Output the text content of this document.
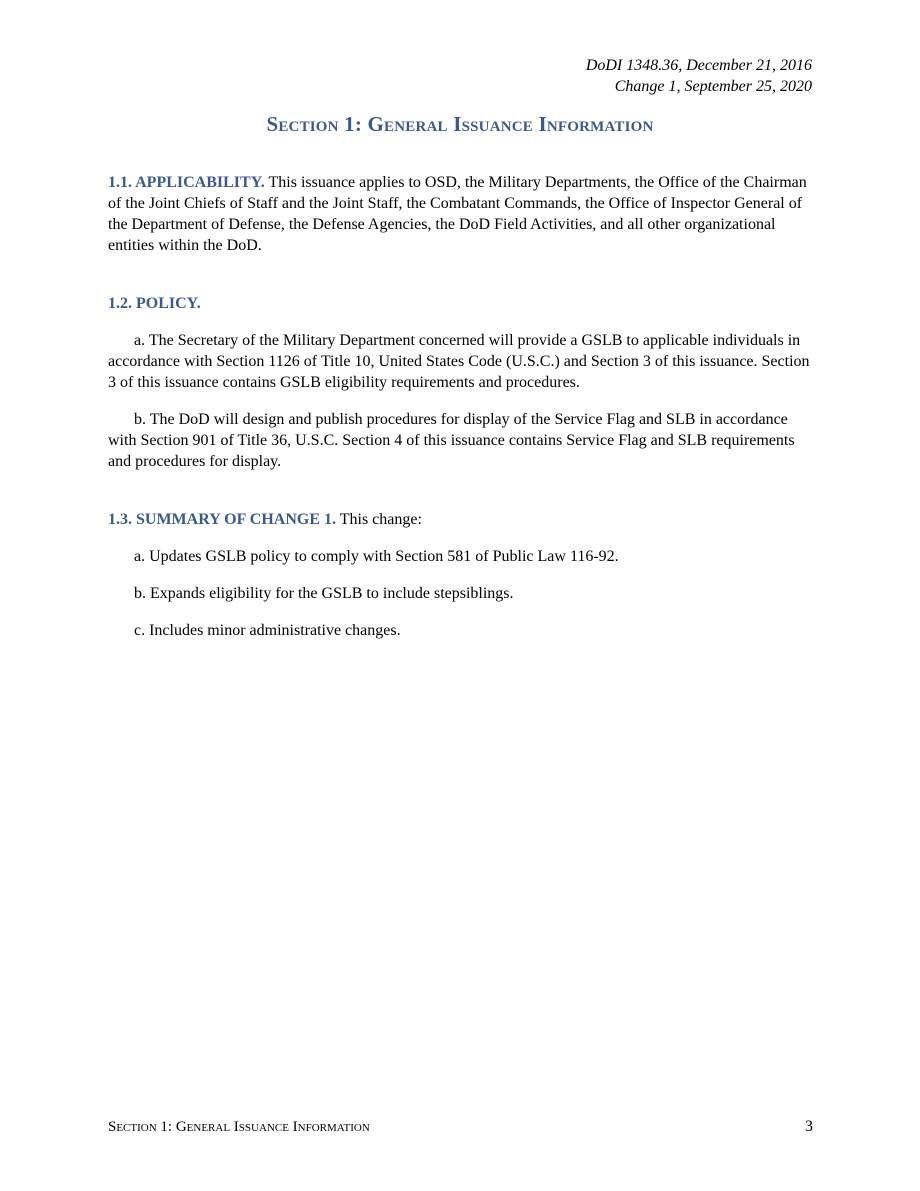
DoDI 1348.36, December 21, 2016
Change 1, September 25, 2020
Section 1: General Issuance Information

1.1. APPLICABILITY. This issuance applies to OSD, the Military Departments, the Office of the Chairman of the Joint Chiefs of Staff and the Joint Staff, the Combatant Commands, the Office of Inspector General of the Department of Defense, the Defense Agencies, the DoD Field Activities, and all other organizational entities within the DoD.

1.2. POLICY.

a. The Secretary of the Military Department concerned will provide a GSLB to applicable individuals in accordance with Section 1126 of Title 10, United States Code (U.S.C.) and Section 3 of this issuance. Section 3 of this issuance contains GSLB eligibility requirements and procedures.

b. The DoD will design and publish procedures for display of the Service Flag and SLB in accordance with Section 901 of Title 36, U.S.C. Section 4 of this issuance contains Service Flag and SLB requirements and procedures for display.

1.3. SUMMARY OF CHANGE 1. This change:

a. Updates GSLB policy to comply with Section 581 of Public Law 116-92.

b. Expands eligibility for the GSLB to include stepsiblings.

c. Includes minor administrative changes.

Section 1: General Issuance Information	3
